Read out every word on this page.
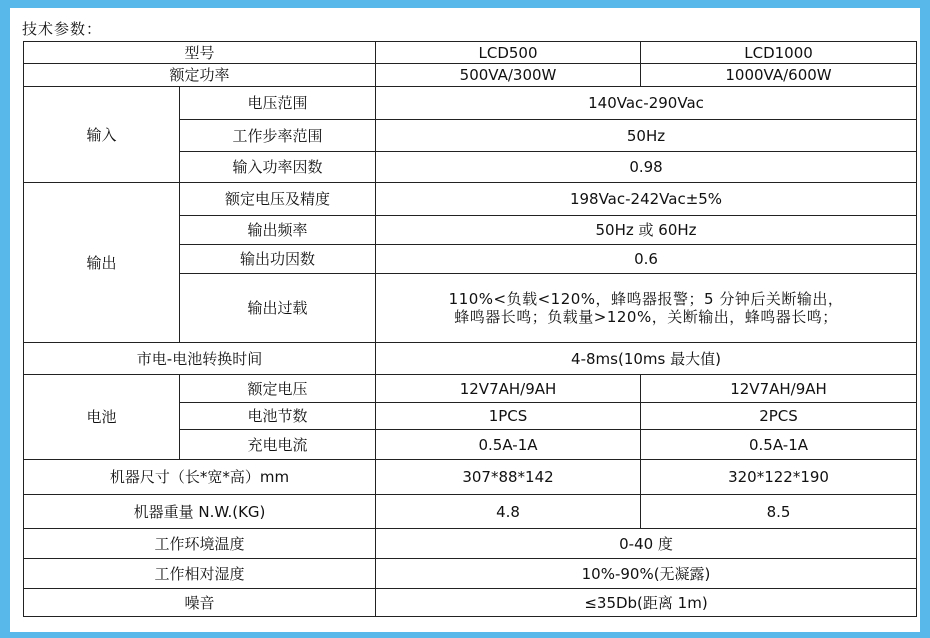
技术参数：
型号		LCD500	LCD1000
额定功率		500VA/300W	1000VA/600W
输入	电压范围	140Vac-290Vac	
	工作步率范围	50Hz	
	输入功率因数	0.98	
输出	额定电压及精度	198Vac-242Vac±5%	
	输出频率	50Hz 或 60Hz	
	输出功因数	0.6	
	输出过载	110%<负载<120%，蜂鸣器报警；5 分钟后关断输出，
蜂鸣器长鸣；负载量>120%，关断输出，蜂鸣器长鸣；	

市电-电池转换时间		4-8ms(10ms 最大值)	
电池	额定电压	12V7AH/9AH	12V7AH/9AH
	电池节数	1PCS	2PCS
	充电电流	0.5A-1A	0.5A-1A
机器尺寸（长*宽*高）mm		307*88*142	320*122*190
机器重量 N.W.(KG)		4.8	8.5
工作环境温度		0-40 度	
工作相对湿度		10%-90%(无凝露)	
噪音		≤35Db(距离 1m)	
